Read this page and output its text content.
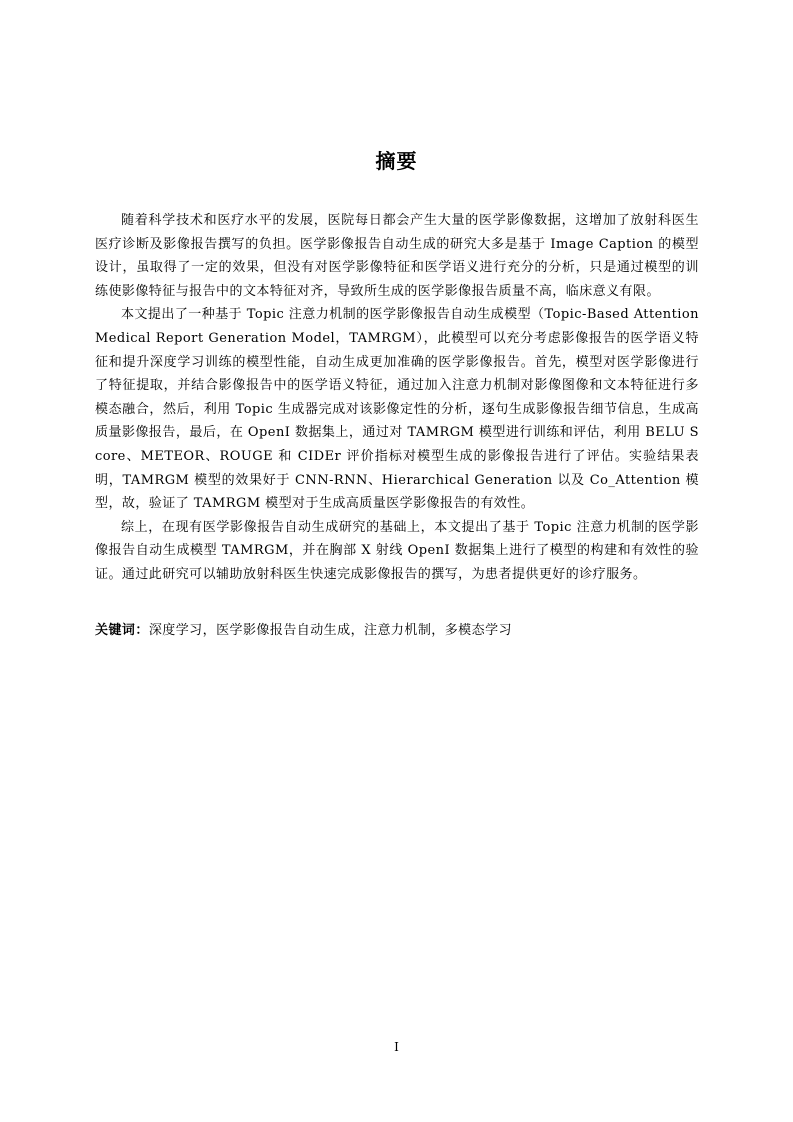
摘要

随着科学技术和医疗水平的发展，医院每日都会产生大量的医学影像数据，这增加了放射科医生医疗诊断及影像报告撰写的负担。医学影像报告自动生成的研究大多是基于 Image Caption 的模型设计，虽取得了一定的效果，但没有对医学影像特征和医学语义进行充分的分析，只是通过模型的训练使影像特征与报告中的文本特征对齐，导致所生成的医学影像报告质量不高，临床意义有限。

本文提出了一种基于 Topic 注意力机制的医学影像报告自动生成模型（Topic-Based Attention Medical Report Generation Model，TAMRGM），此模型可以充分考虑影像报告的医学语义特征和提升深度学习训练的模型性能，自动生成更加准确的医学影像报告。首先，模型对医学影像进行了特征提取，并结合影像报告中的医学语义特征，通过加入注意力机制对影像图像和文本特征进行多模态融合，然后，利用 Topic 生成器完成对该影像定性的分析，逐句生成影像报告细节信息，生成高质量影像报告，最后，在 OpenI 数据集上，通过对 TAMRGM 模型进行训练和评估，利用 BELU Score、METEOR、ROUGE 和 CIDEr 评价指标对模型生成的影像报告进行了评估。实验结果表明，TAMRGM 模型的效果好于 CNN-RNN、Hierarchical Generation 以及 Co_Attention 模型，故，验证了 TAMRGM 模型对于生成高质量医学影像报告的有效性。

综上，在现有医学影像报告自动生成研究的基础上，本文提出了基于 Topic 注意力机制的医学影像报告自动生成模型 TAMRGM，并在胸部 X 射线 OpenI 数据集上进行了模型的构建和有效性的验证。通过此研究可以辅助放射科医生快速完成影像报告的撰写，为患者提供更好的诊疗服务。

关键词：深度学习，医学影像报告自动生成，注意力机制，多模态学习
I
